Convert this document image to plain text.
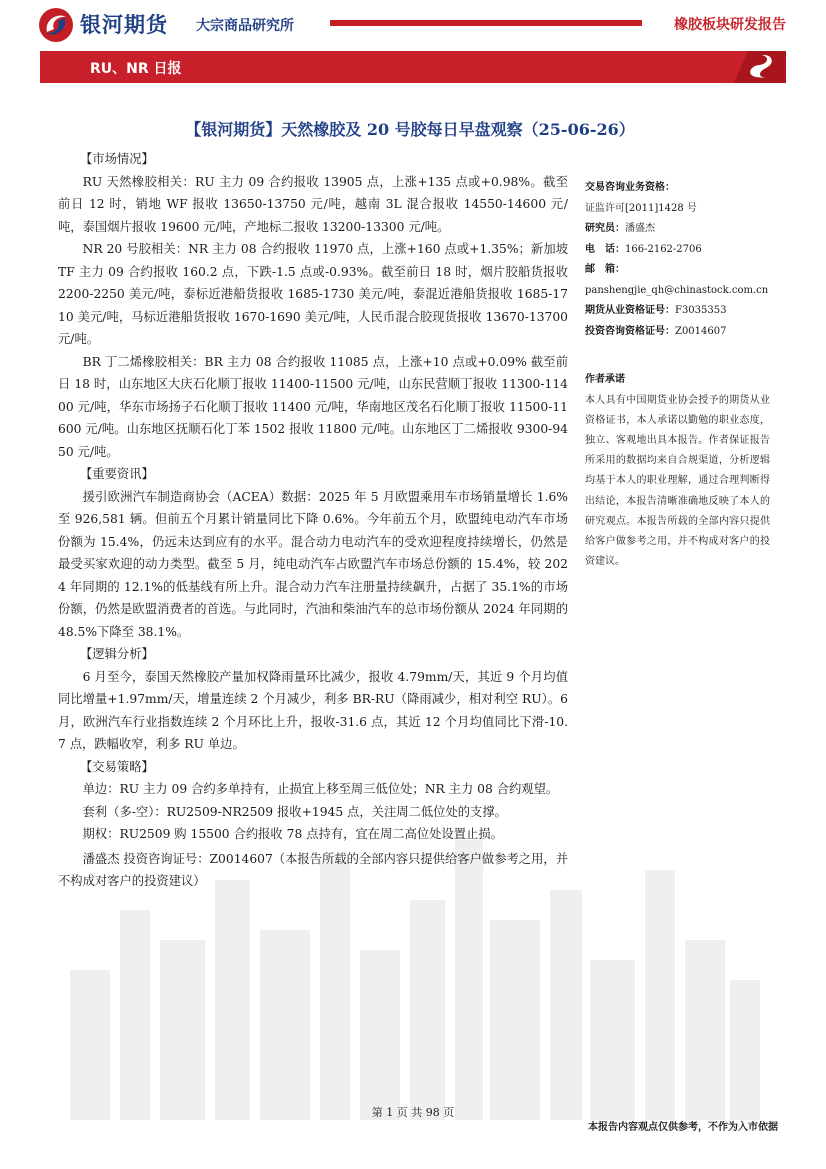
银河期货 大宗商品研究所	橡胶板块研发报告
RU、NR 日报
【银河期货】天然橡胶及 20 号胶每日早盘观察（25-06-26）
【市场情况】

RU 天然橡胶相关：RU 主力 09 合约报收 13905 点，上涨+135 点或+0.98%。截至前日 12 时，销地 WF 报收 13650-13750 元/吨，越南 3L 混合报收 14550-14600 元/吨，泰国烟片报收 19600 元/吨，产地标二报收 13200-13300 元/吨。

NR 20 号胶相关：NR 主力 08 合约报收 11970 点，上涨+160 点或+1.35%；新加坡 TF 主力 09 合约报收 160.2 点，下跌-1.5 点或-0.93%。截至前日 18 时，烟片胶船货报收 2200-2250 美元/吨，泰标近港船货报收 1685-1730 美元/吨，泰混近港船货报收 1685-1710 美元/吨，马标近港船货报收 1670-1690 美元/吨，人民币混合胶现货报收 13670-13700 元/吨。

BR 丁二烯橡胶相关：BR 主力 08 合约报收 11085 点，上涨+10 点或+0.09% 截至前日 18 时，山东地区大庆石化顺丁报收 11400-11500 元/吨，山东民营顺丁报收 11300-11400 元/吨，华东市场扬子石化顺丁报收 11400 元/吨，华南地区茂名石化顺丁报收 11500-11600 元/吨。山东地区抚顺石化丁苯 1502 报收 11800 元/吨。山东地区丁二烯报收 9300-9450 元/吨。

【重要资讯】

援引欧洲汽车制造商协会（ACEA）数据：2025 年 5 月欧盟乘用车市场销量增长 1.6%至 926,581 辆。但前五个月累计销量同比下降 0.6%。今年前五个月，欧盟纯电动汽车市场份额为 15.4%，仍远未达到应有的水平。混合动力电动汽车的受欢迎程度持续增长，仍然是最受买家欢迎的动力类型。截至 5 月，纯电动汽车占欧盟汽车市场总份额的 15.4%，较 2024 年同期的 12.1%的低基线有所上升。混合动力汽车注册量持续飙升，占据了 35.1%的市场份额，仍然是欧盟消费者的首选。与此同时，汽油和柴油汽车的总市场份额从 2024 年同期的 48.5%下降至 38.1%。

【逻辑分析】

6 月至今，泰国天然橡胶产量加权降雨量环比减少，报收 4.79mm/天，其近 9 个月均值同比增量+1.97mm/天，增量连续 2 个月减少，利多 BR-RU（降雨减少，相对利空 RU）。6 月，欧洲汽车行业指数连续 2 个月环比上升，报收-31.6 点，其近 12 个月均值同比下滑-10.7 点，跌幅收窄，利多 RU 单边。

【交易策略】

单边：RU 主力 09 合约多单持有，止损宜上移至周三低位处；NR 主力 08 合约观望。

套利（多-空）：RU2509-NR2509 报收+1945 点，关注周二低位处的支撑。

期权：RU2509 购 15500 合约报收 78 点持有，宜在周二高位处设置止损。

潘盛杰 投资咨询证号：Z0014607（本报告所载的全部内容只提供给客户做参考之用，并不构成对客户的投资建议）

交易咨询业务资格：
证监许可[2011]1428 号
研究员：潘盛杰
电　话：166-2162-2706
邮　箱：
panshengjie_qh@chinastock.com.cn
期货从业资格证号：F3035353
投资咨询资格证号：Z0014607
作者承诺
本人具有中国期货业协会授予的期货从业资格证书，本人承诺以勤勉的职业态度，独立、客观地出具本报告。作者保证报告所采用的数据均来自合规渠道，分析逻辑均基于本人的职业理解，通过合理判断得出结论，本报告清晰准确地反映了本人的研究观点。本报告所载的全部内容只提供给客户做参考之用，并不构成对客户的投资建议。
第 1 页 共 98 页
本报告内容观点仅供参考，不作为入市依据
